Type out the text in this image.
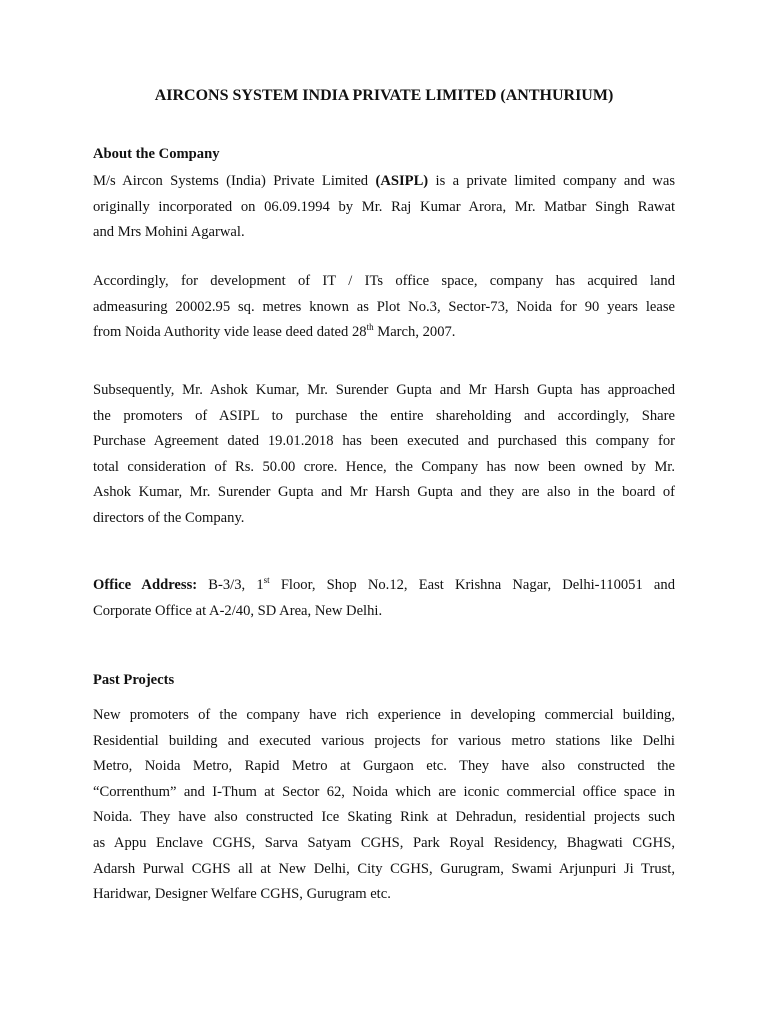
AIRCONS SYSTEM INDIA PRIVATE LIMITED (ANTHURIUM)
About the Company
M/s Aircon Systems (India) Private Limited (ASIPL) is a private limited company and was
originally incorporated on 06.09.1994 by Mr. Raj Kumar Arora, Mr. Matbar Singh Rawat
and Mrs Mohini Agarwal.
Accordingly, for development of IT / ITs office space, company has acquired land
admeasuring 20002.95 sq. metres known as Plot No.3, Sector-73, Noida for 90 years lease
from Noida Authority vide lease deed dated 28th March, 2007.
Subsequently, Mr. Ashok Kumar, Mr. Surender Gupta and Mr Harsh Gupta has approached
the promoters of ASIPL to purchase the entire shareholding and accordingly, Share
Purchase Agreement dated 19.01.2018 has been executed and purchased this company for
total consideration of Rs. 50.00 crore. Hence, the Company has now been owned by Mr.
Ashok Kumar, Mr. Surender Gupta and Mr Harsh Gupta and they are also in the board of
directors of the Company.
Office Address: B-3/3, 1st Floor, Shop No.12, East Krishna Nagar, Delhi-110051 and
Corporate Office at A-2/40, SD Area, New Delhi.
Past Projects
New promoters of the company have rich experience in developing commercial building,
Residential building and executed various projects for various metro stations like Delhi
Metro, Noida Metro, Rapid Metro at Gurgaon etc. They have also constructed the
“Correnthum” and I-Thum at Sector 62, Noida which are iconic commercial office space in
Noida. They have also constructed Ice Skating Rink at Dehradun, residential projects such
as Appu Enclave CGHS, Sarva Satyam CGHS, Park Royal Residency, Bhagwati CGHS,
Adarsh Purwal CGHS all at New Delhi, City CGHS, Gurugram, Swami Arjunpuri Ji Trust,
Haridwar, Designer Welfare CGHS, Gurugram etc.
